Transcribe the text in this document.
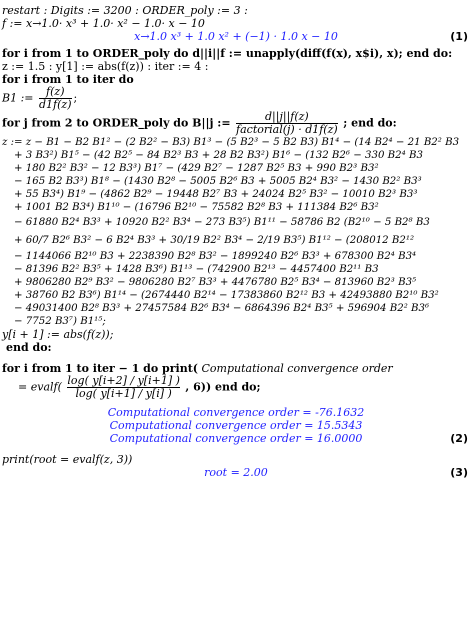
restart : Digits := 3200 : ORDER_poly := 3 :
f := x→1.0· x³ + 1.0· x² − 1.0· x − 10
x→1.0 x³ + 1.0 x² + (−1) · 1.0 x − 10	(1)
for i from 1 to ORDER_poly do d||i||f := unapply(diff(f(x), x$i), x); end do:
z := 1.5 : y[1] := abs(f(z)) : iter := 4 :
for i from 1 to iter do
B1 := $\frac{f(z)}{d1f(z)}$ ;
for j from 2 to ORDER_poly do B||j := $\frac{d||j||f(z)}{\text{factorial(j) · d1f(z)}}$ ; end do:
z := z − B1 − B2 B1² − (2 B2² − B3) B1³ − (5 B2³ − 5 B2 B3) B1⁴ − (14 B2⁴ − 21 B2² B3
+ 3 B3²) B1⁵ − (42 B2⁵ − 84 B2³ B3 + 28 B2 B3²) B1⁶ − (132 B2⁶ − 330 B2⁴ B3
+ 180 B2² B3² − 12 B3³) B1⁷ − (429 B2⁷ − 1287 B2⁵ B3 + 990 B2³ B3²
− 165 B2 B3³) B1⁸ − (1430 B2⁸ − 5005 B2⁶ B3 + 5005 B2⁴ B3² − 1430 B2² B3³
+ 55 B3⁴) B1⁹ − (4862 B2⁹ − 19448 B2⁷ B3 + 24024 B2⁵ B3² − 10010 B2³ B3³
+ 1001 B2 B3⁴) B1¹⁰ − (16796 B2¹⁰ − 75582 B2⁸ B3 + 111384 B2⁶ B3²
− 61880 B2⁴ B3³ + 10920 B2² B3⁴ − 273 B3⁵) B1¹¹ − 58786 B2 (B2¹⁰ − 5 B2⁸ B3
+ 60/7 B2⁶ B3² − 6 B2⁴ B3³ + 30/19 B2² B3⁴ − 2/19 B3⁵) B1¹² − (208012 B2¹²
− 1144066 B2¹⁰ B3 + 2238390 B2⁸ B3² − 1899240 B2⁶ B3³ + 678300 B2⁴ B3⁴
− 81396 B2² B3⁵ + 1428 B3⁶) B1¹³ − (742900 B2¹³ − 4457400 B2¹¹ B3
+ 9806280 B2⁹ B3² − 9806280 B2⁷ B3³ + 4476780 B2⁵ B3⁴ − 813960 B2³ B3⁵
+ 38760 B2 B3⁶) B1¹⁴ − (2674440 B2¹⁴ − 17383860 B2¹² B3 + 42493880 B2¹⁰ B3²
− 49031400 B2⁸ B3³ + 27457584 B2⁶ B3⁴ − 6864396 B2⁴ B3⁵ + 596904 B2² B3⁶
− 7752 B3⁷) B1¹⁵;
y[i + 1] := abs(f(z));
end do:
for i from 1 to iter − 1 do print( Computational convergence order
= evalf( $\frac{\log( y[i+2] / y[i+1] )}{\log( y[i+1] / y[i] )}$ , 6)) end do;
Computational convergence order = -76.1632
Computational convergence order = 15.5343
Computational convergence order = 16.0000	(2)
print(root = evalf(z, 3))
root = 2.00	(3)
